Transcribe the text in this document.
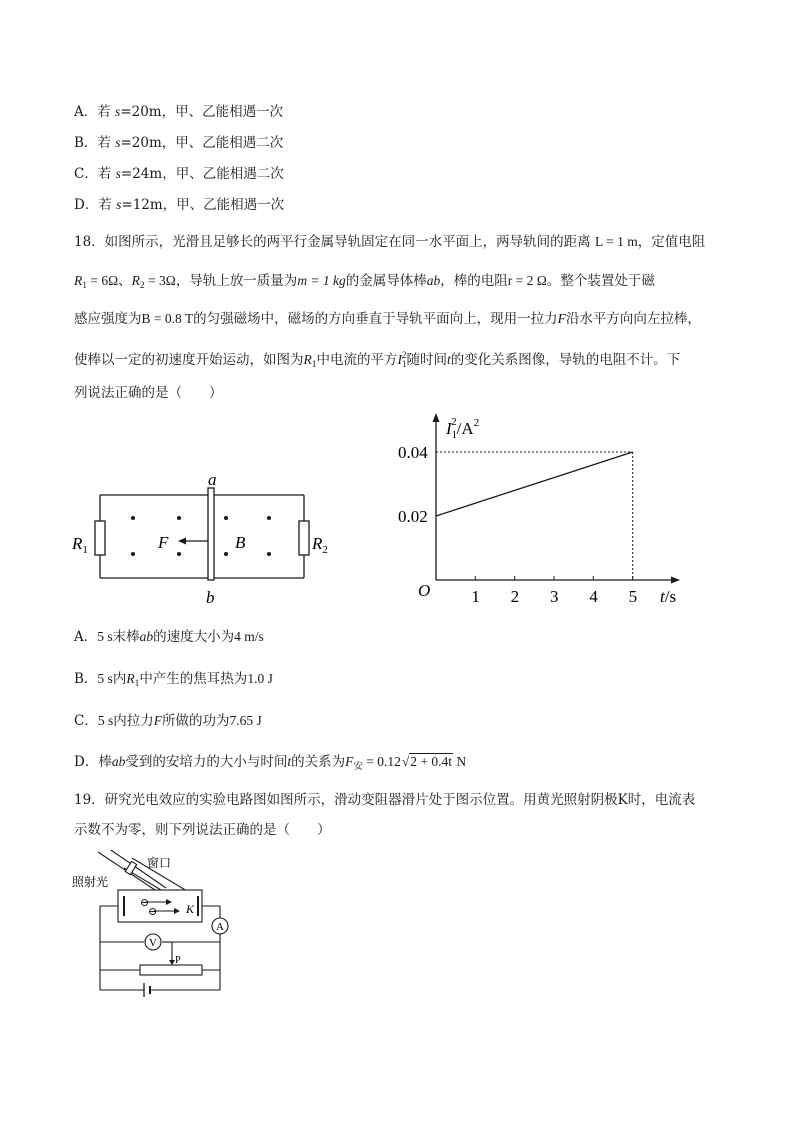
A．若 s=20m，甲、乙能相遇一次
B．若 s=20m，甲、乙能相遇二次
C．若 s=24m，甲、乙能相遇二次
D．若 s=12m，甲、乙能相遇一次
18．如图所示，光滑且足够长的两平行金属导轨固定在同一水平面上，两导轨间的距离 L = 1 m，定值电阻
$R_1 = 6\Omega$、$R_2 = 3\Omega$，导轨上放一质量为m = 1 kg的金属导体棒ab，棒的电阻r = 2 Ω。整个装置处于磁
感应强度为B = 0.8 T的匀强磁场中，磁场的方向垂直于导轨平面向上，现用一拉力F沿水平方向向左拉棒，
使棒以一定的初速度开始运动，如图为$R_1$中电流的平方$I_1^2$随时间t的变化关系图像，导轨的电阻不计。下
列说法正确的是（　　）
a
b
$R_1$	$R_2$
F	B
1 2 3 4 5
0.02
0.04
$I_12/A^2$
t/s
O
A．5 s末棒ab的速度大小为4 m/s
B．5 s内$R_1$中产生的焦耳热为1.0 J
C．5 s内拉力F所做的功为7.65 J
D．棒ab受到的安培力的大小与时间t的关系为$F_安 = 0.12√2 + 0.4t$ N
19．研究光电效应的实验电路图如图所示，滑动变阻器滑片处于图示位置。用黄光照射阴极K时，电流表
示数不为零，则下列说法正确的是（　　）
⊖
⊖
窗口
照射光
K
A
V
P
